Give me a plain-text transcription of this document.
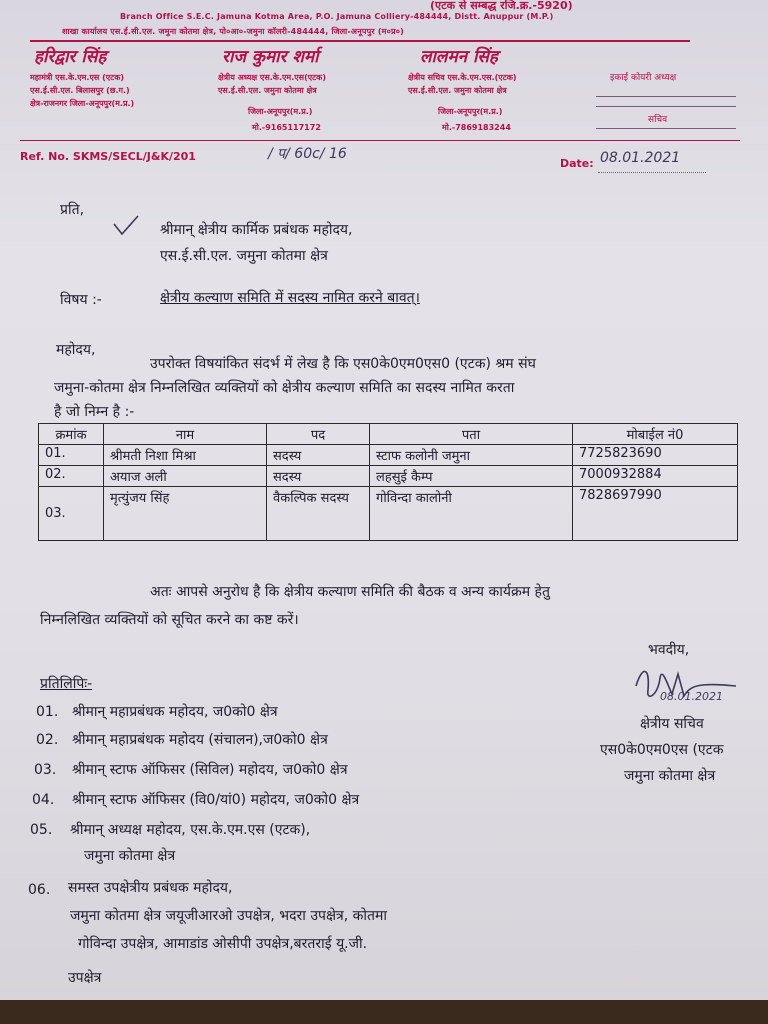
(एटक से सम्बद्ध रजि.क्र.-5920)
Branch Office S.E.C. Jamuna Kotma Area, P.O. Jamuna Colliery-484444, Distt. Anuppur (M.P.)
शाखा कार्यालय एस.ई.सी.एल. जमुना कोतमा क्षेत्र, पो०आ०-जमुना कॉलरी-484444, जिला-अनूपपुर (म०प्र०)
हरिद्वार सिंह
महामंत्री एस.के.एम.एस (एटक)
एस.ई.सी.एल. बिलासपुर (छ.ग.)
क्षेत्र-राजनगर जिला-अनूपपुर(म.प्र.)
राज कुमार शर्मा
क्षेत्रीय अध्यक्ष एस.के.एम.एस(एटक)
एस.ई.सी.एल. जमुना कोतमा क्षेत्र
जिला-अनूपपुर(म.प्र.)
मो.-9165117172
लालमन सिंह
क्षेत्रीय सचिव एस.के.एम.एस.(एटक)
एस.ई.सी.एल. जमुना कोतमा क्षेत्र
जिला-अनूपपुर(म.प्र.)
मो.-7869183244
इकाई कोयरी अध्यक्ष
सचिव
Ref. No. SKMS/SECL/J&K/201	/ प/ 60c/ 16
Date: 08.01.2021
प्रति,
श्रीमान् क्षेत्रीय कार्मिक प्रबंधक महोदय,
एस.ई.सी.एल. जमुना कोतमा क्षेत्र
विषय :-	क्षेत्रीय कल्याण समिति में सदस्य नामित करने बावत्।
महोदय,
उपरोक्त विषयांकित संदर्भ में लेख है कि एस0के0एम0एस0 (एटक) श्रम संघ
जमुना-कोतमा क्षेत्र निम्नलिखित व्यक्तियों को क्षेत्रीय कल्याण समिति का सदस्य नामित करता
है जो निम्न है :-
क्रमांक	नाम	पद	पता	मोबाईल नं0
01.	श्रीमती निशा मिश्रा	सदस्य	स्टाफ कलोनी जमुना	7725823690
02.	अयाज अली	सदस्य	लहसुई कैम्प	7000932884
03.	मृत्युंजय सिंह	वैकल्पिक सदस्य	गोविन्दा कालोनी	7828697990
अतः आपसे अनुरोध है कि क्षेत्रीय कल्याण समिति की बैठक व अन्य कार्यक्रम हेतु
निम्नलिखित व्यक्तियों को सूचित करने का कष्ट करें।
भवदीय,
08.01.2021
क्षेत्रीय सचिव
एस0के0एम0एस (एटक
जमुना कोतमा क्षेत्र
प्रतिलिपिः-
01. श्रीमान् महाप्रबंधक महोदय, ज0को0 क्षेत्र
02. श्रीमान् महाप्रबंधक महोदय (संचालन),ज0को0 क्षेत्र
03. श्रीमान् स्टाफ ऑफिसर (सिविल) महोदय, ज0को0 क्षेत्र
04. श्रीमान् स्टाफ ऑफिसर (वि0/यां0) महोदय, ज0को0 क्षेत्र
05. श्रीमान् अध्यक्ष महोदय, एस.के.एम.एस (एटक),
जमुना कोतमा क्षेत्र
06. समस्त उपक्षेत्रीय प्रबंधक महोदय,
जमुना कोतमा क्षेत्र जयूजीआरओ उपक्षेत्र, भदरा उपक्षेत्र, कोतमा
गोविन्दा उपक्षेत्र, आमाडांड ओसीपी उपक्षेत्र,बरतराई यू.जी.
उपक्षेत्र
